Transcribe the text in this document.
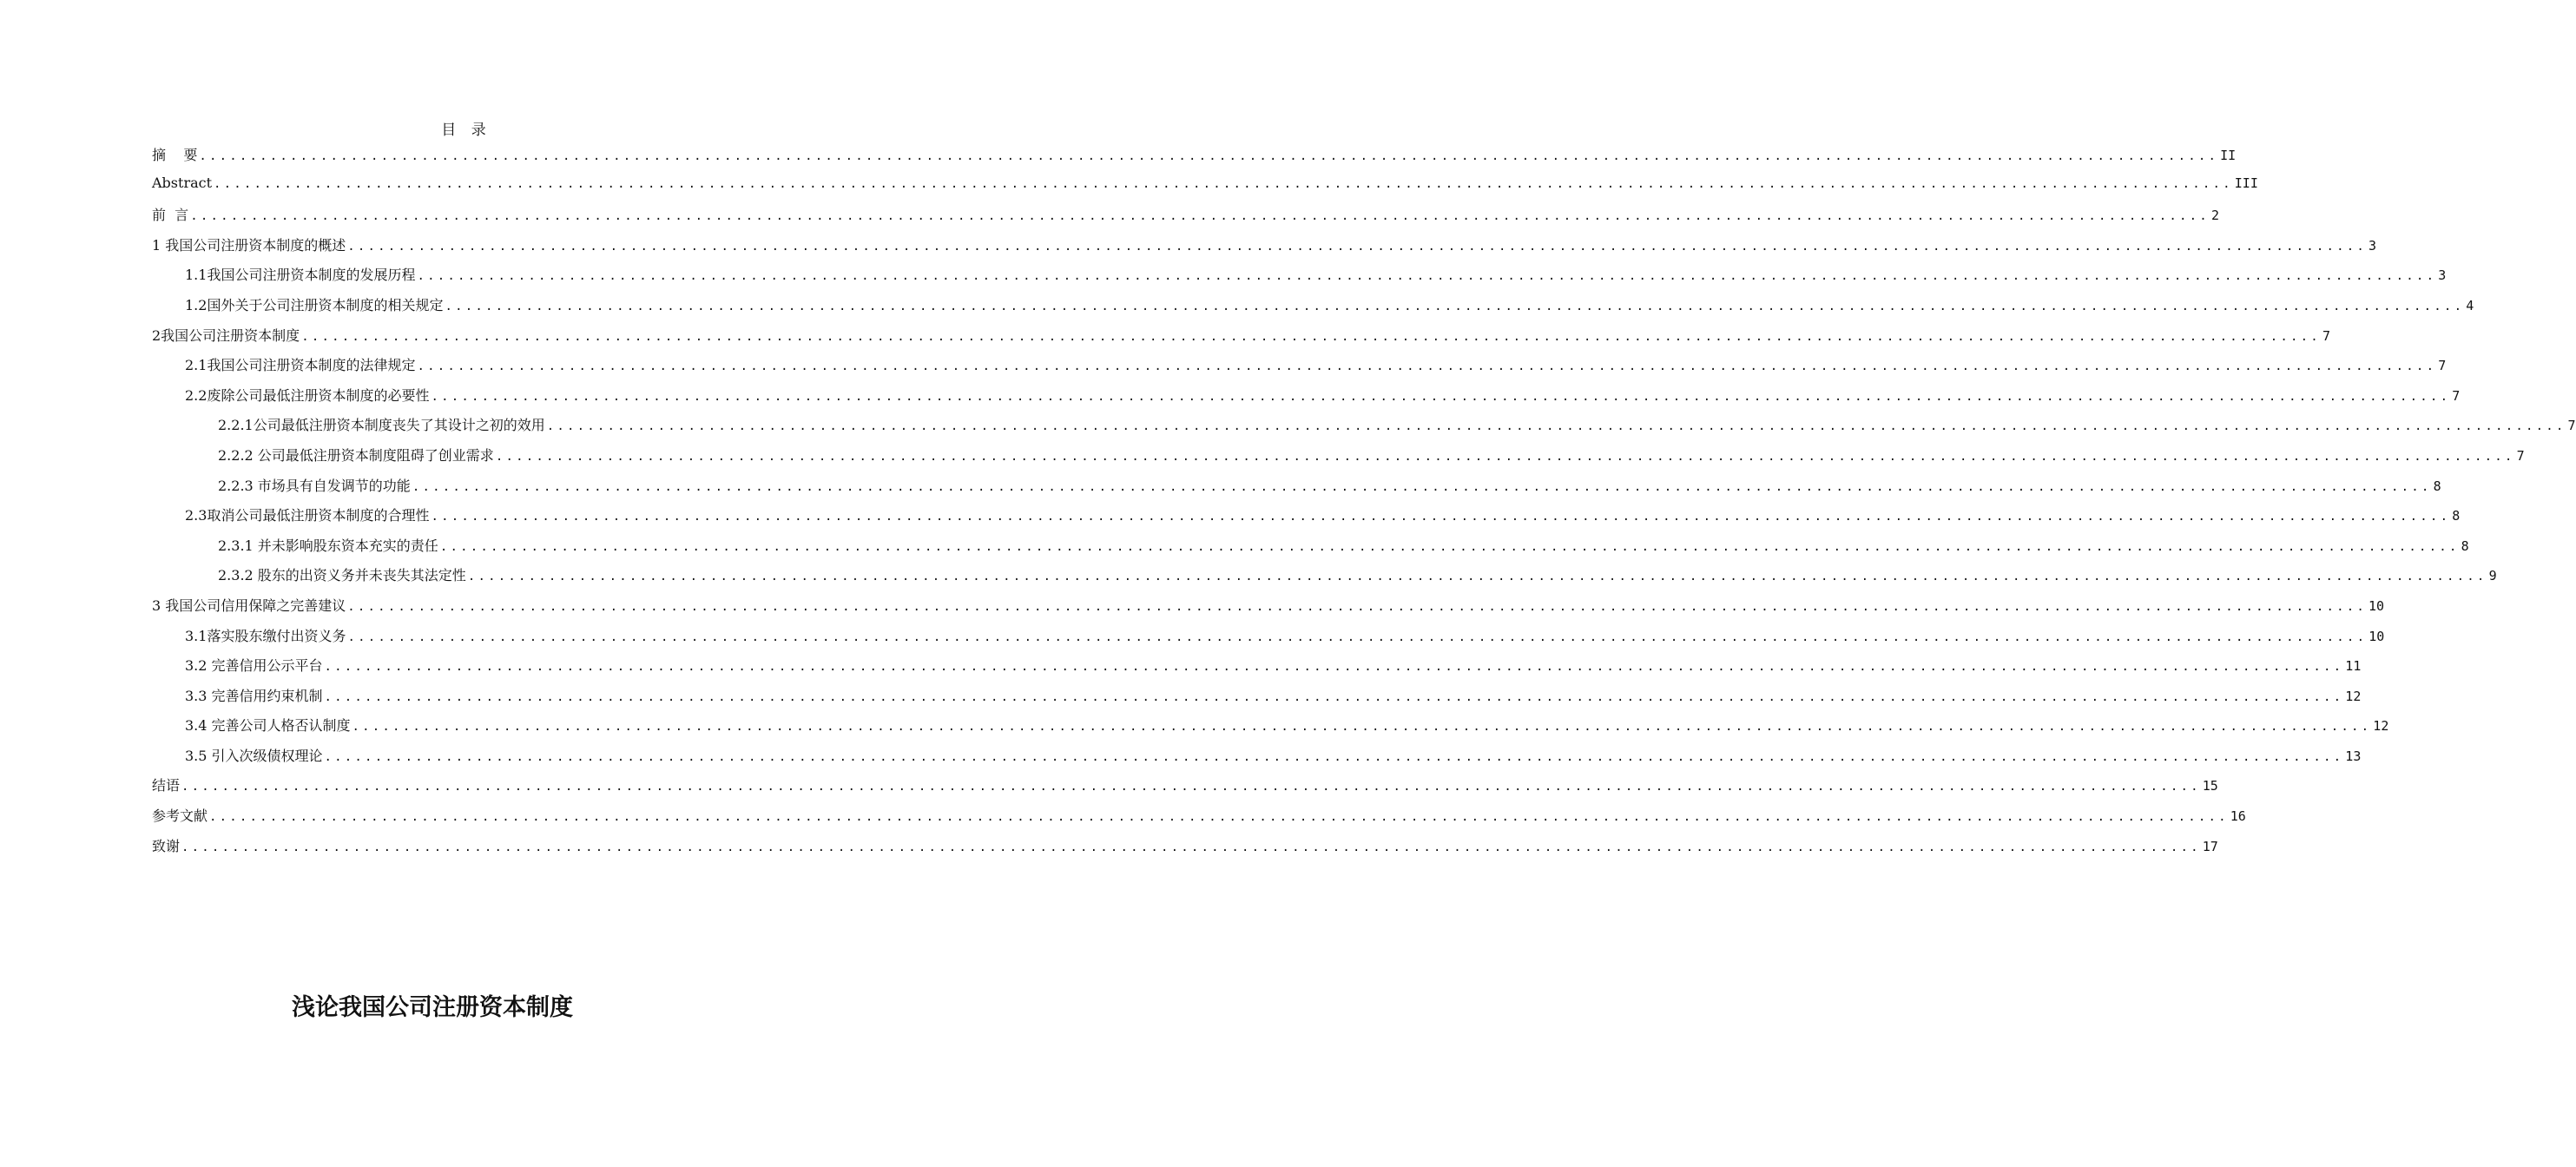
目 录
摘    要 ........................................................................................................................................................................................................ II
Abstract ........................................................................................................................................................................................................ III
前  言 ........................................................................................................................................................................................................ 2
1 我国公司注册资本制度的概述 ........................................................................................................................................................................................................ 3
1.1我国公司注册资本制度的发展历程 ........................................................................................................................................................................................................ 3
1.2国外关于公司注册资本制度的相关规定 ........................................................................................................................................................................................................ 4
2我国公司注册资本制度 ........................................................................................................................................................................................................ 7
2.1我国公司注册资本制度的法律规定 ........................................................................................................................................................................................................ 7
2.2废除公司最低注册资本制度的必要性 ........................................................................................................................................................................................................ 7
2.2.1公司最低注册资本制度丧失了其设计之初的效用 ........................................................................................................................................................................................................ 7
2.2.2 公司最低注册资本制度阻碍了创业需求 ........................................................................................................................................................................................................ 7
2.2.3 市场具有自发调节的功能 ........................................................................................................................................................................................................ 8
2.3取消公司最低注册资本制度的合理性 ........................................................................................................................................................................................................ 8
2.3.1 并未影响股东资本充实的责任 ........................................................................................................................................................................................................ 8
2.3.2 股东的出资义务并未丧失其法定性 ........................................................................................................................................................................................................ 9
3 我国公司信用保障之完善建议 ........................................................................................................................................................................................................ 10
3.1落实股东缴付出资义务 ........................................................................................................................................................................................................ 10
3.2 完善信用公示平台 ........................................................................................................................................................................................................ 11
3.3 完善信用约束机制 ........................................................................................................................................................................................................ 12
3.4 完善公司人格否认制度 ........................................................................................................................................................................................................ 12
3.5 引入次级债权理论 ........................................................................................................................................................................................................ 13
结语 ........................................................................................................................................................................................................ 15
参考文献 ........................................................................................................................................................................................................ 16
致谢 ........................................................................................................................................................................................................ 17
浅论我国公司注册资本制度
